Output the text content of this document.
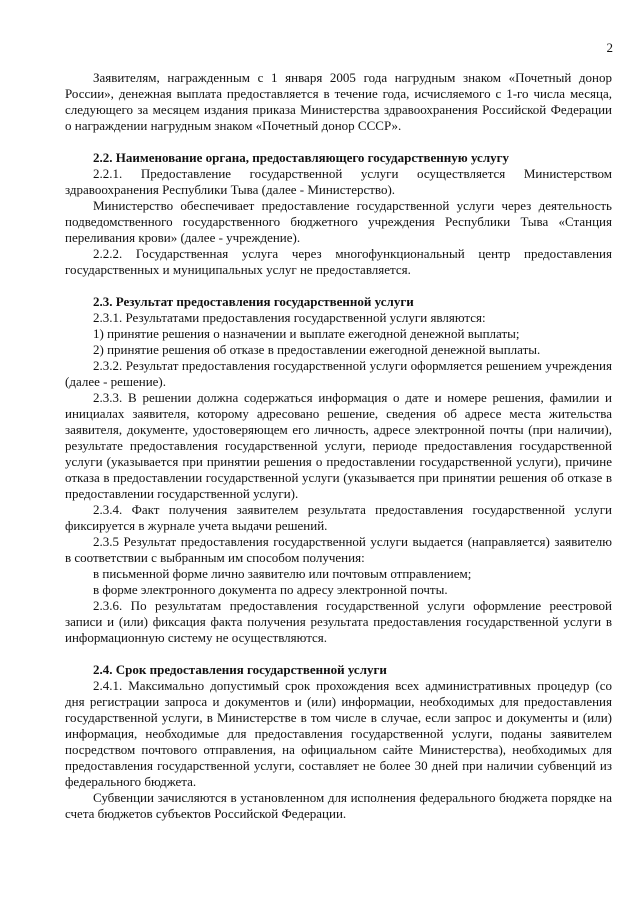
2

Заявителям, награжденным с 1 января 2005 года нагрудным знаком «Почетный донор России», денежная выплата предоставляется в течение года, исчисляемого с 1-го числа месяца, следующего за месяцем издания приказа Министерства здравоохранения Российской Федерации о награждении нагрудным знаком «Почетный донор СССР».

2.2. Наименование органа, предоставляющего государственную услугу

2.2.1. Предоставление государственной услуги осуществляется Министерством здравоохранения Республики Тыва (далее - Министерство).

Министерство обеспечивает предоставление государственной услуги через деятельность подведомственного государственного бюджетного учреждения Республики Тыва «Станция переливания крови» (далее - учреждение).

2.2.2. Государственная услуга через многофункциональный центр предоставления государственных и муниципальных услуг не предоставляется.

2.3. Результат предоставления государственной услуги

2.3.1. Результатами предоставления государственной услуги являются:

1) принятие решения о назначении и выплате ежегодной денежной выплаты;

2) принятие решения об отказе в предоставлении ежегодной денежной выплаты.

2.3.2. Результат предоставления государственной услуги оформляется решением учреждения (далее - решение).

2.3.3. В решении должна содержаться информация о дате и номере решения, фамилии и инициалах заявителя, которому адресовано решение, сведения об адресе места жительства заявителя, документе, удостоверяющем его личность, адресе электронной почты (при наличии), результате предоставления государственной услуги, периоде предоставления государственной услуги (указывается при принятии решения о предоставлении государственной услуги), причине отказа в предоставлении государственной услуги (указывается при принятии решения об отказе в предоставлении государственной услуги).

2.3.4. Факт получения заявителем результата предоставления государственной услуги фиксируется в журнале учета выдачи решений.

2.3.5 Результат предоставления государственной услуги выдается (направляется) заявителю в соответствии с выбранным им способом получения:

в письменной форме лично заявителю или почтовым отправлением;

в форме электронного документа по адресу электронной почты.

2.3.6. По результатам предоставления государственной услуги оформление реестровой записи и (или) фиксация факта получения результата предоставления государственной услуги в информационную систему не осуществляются.

2.4. Срок предоставления государственной услуги

2.4.1. Максимально допустимый срок прохождения всех административных процедур (со дня регистрации запроса и документов и (или) информации, необходимых для предоставления государственной услуги, в Министерстве в том числе в случае, если запрос и документы и (или) информация, необходимые для предоставления государственной услуги, поданы заявителем посредством почтового отправления, на официальном сайте Министерства), необходимых для предоставления государственной услуги, составляет не более 30 дней при наличии субвенций из федерального бюджета.

Субвенции зачисляются в установленном для исполнения федерального бюджета порядке на счета бюджетов субъектов Российской Федерации.
